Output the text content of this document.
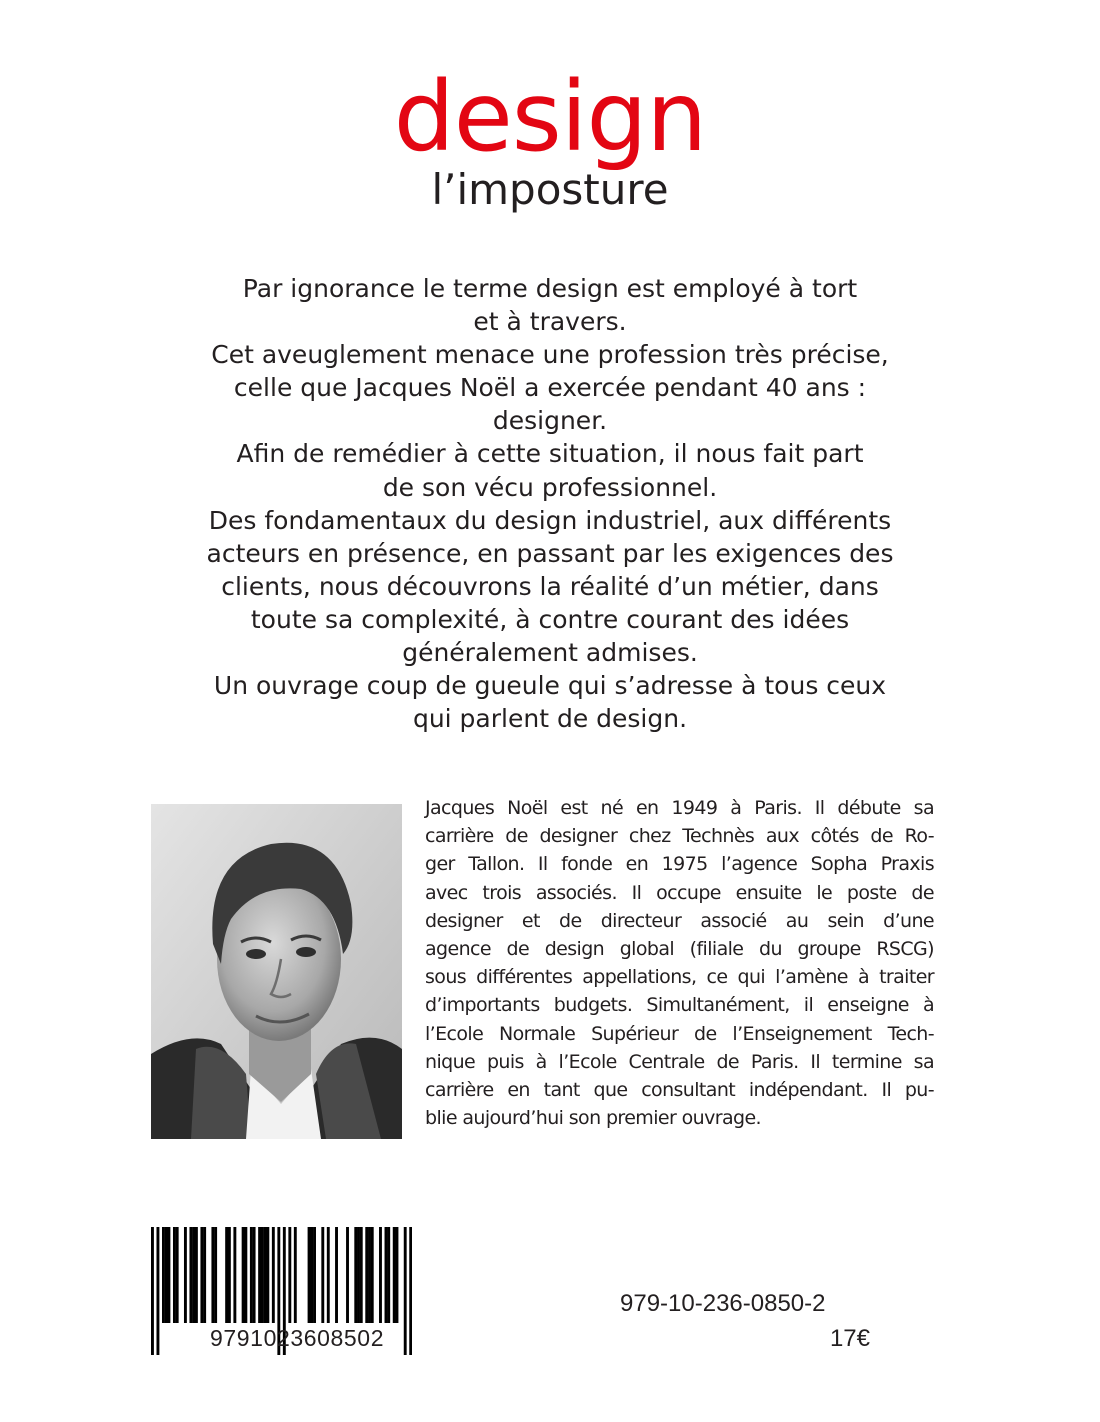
design
l’imposture
Par ignorance le terme design est employé à tort
et à travers.
Cet aveuglement menace une profession très précise,
celle que Jacques Noël a exercée pendant 40 ans :
designer.
Afin de remédier à cette situation, il nous fait part
de son vécu professionnel.
Des fondamentaux du design industriel, aux différents
acteurs en présence, en passant par les exigences des
clients, nous découvrons la réalité d’un métier, dans
toute sa complexité, à contre courant des idées
généralement admises.
Un ouvrage coup de gueule qui s’adresse à tous ceux
qui parlent de design.
Jacques Noël est né en 1949 à Paris. Il débute sa
carrière de designer chez Technès aux côtés de Ro-
ger Tallon. Il fonde en 1975 l’agence Sopha Praxis
avec trois associés. Il occupe ensuite le poste de
designer et de directeur associé au sein d’une
agence de design global (filiale du groupe RSCG)
sous différentes appellations, ce qui l’amène à traiter
d’importants budgets. Simultanément, il enseigne à
l’Ecole Normale Supérieur de l’Enseignement Tech-
nique puis à l’Ecole Centrale de Paris. Il termine sa
carrière en tant que consultant indépendant. Il pu-
blie aujourd’hui son premier ouvrage.
9791023608502
979-10-236-0850-2
17€
